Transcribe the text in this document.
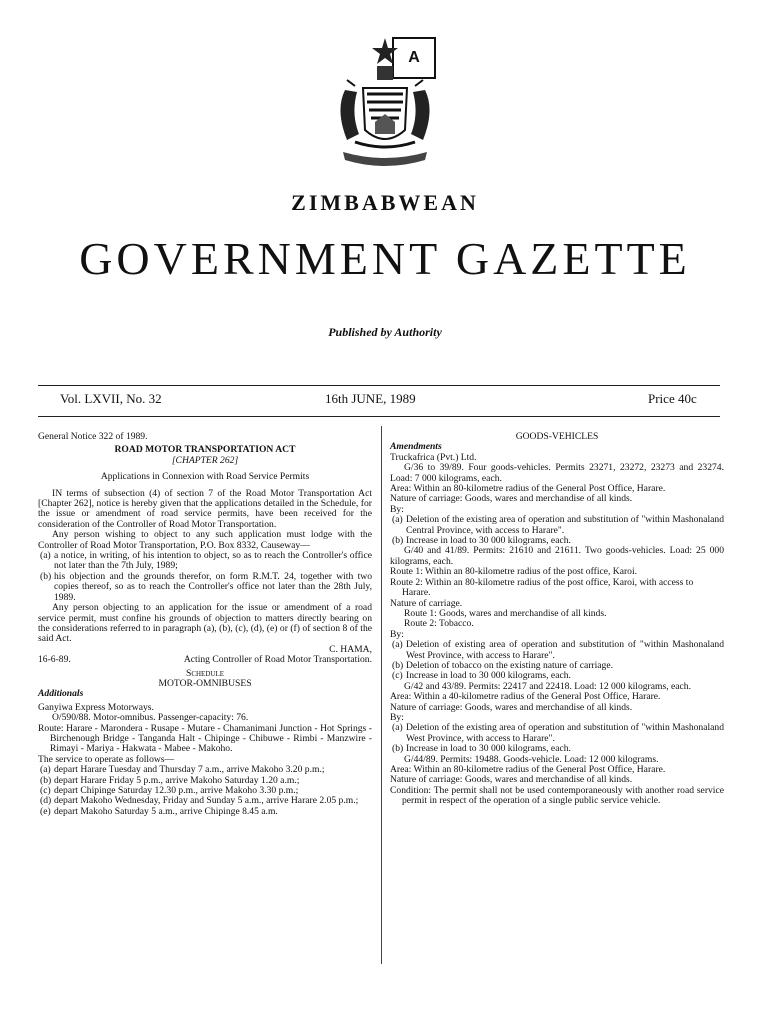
A
ZIMBABWEAN
GOVERNMENT GAZETTE
Published by Authority
Vol. LXVII, No. 32	16th JUNE, 1989	Price 40c

General Notice 322 of 1989.

ROAD MOTOR TRANSPORTATION ACT

[CHAPTER 262]

Applications in Connexion with Road Service Permits

IN terms of subsection (4) of section 7 of the Road Motor Transportation Act [Chapter 262], notice is hereby given that the applications detailed in the Schedule, for the issue or amendment of road service permits, have been received for the consideration of the Controller of Road Motor Transportation.

Any person wishing to object to any such application must lodge with the Controller of Road Motor Transportation, P.O. Box 8332, Causeway—

(a) a notice, in writing, of his intention to object, so as to reach the Controller's office not later than the 7th July, 1989;
(b) his objection and the grounds therefor, on form R.M.T. 24, together with two copies thereof, so as to reach the Controller's office not later than the 28th July, 1989.

Any person objecting to an application for the issue or amendment of a road service permit, must confine his grounds of objection to matters directly bearing on the considerations referred to in paragraph (a), (b), (c), (d), (e) or (f) of section 8 of the said Act.

C. HAMA,

16-6-89.	Acting Controller of Road Motor Transportation.

Schedule

MOTOR-OMNIBUSES

Additionals

Ganyiwa Express Motorways.

O/590/88. Motor-omnibus. Passenger-capacity: 76.

Route: Harare - Marondera - Rusape - Mutare - Chamanimani Junction - Hot Springs - Birchenough Bridge - Tanganda Halt - Chipinge - Chibuwe - Rimbi - Manzwire - Rimayi - Mariya - Hakwata - Mabee - Makoho.

The service to operate as follows—

(a) depart Harare Tuesday and Thursday 7 a.m., arrive Makoho 3.20 p.m.;
(b) depart Harare Friday 5 p.m., arrive Makoho Saturday 1.20 a.m.;
(c) depart Chipinge Saturday 12.30 p.m., arrive Makoho 3.30 p.m.;
(d) depart Makoho Wednesday, Friday and Sunday 5 a.m., arrive Harare 2.05 p.m.;
(e) depart Makoho Saturday 5 a.m., arrive Chipinge 8.45 a.m.

GOODS-VEHICLES

Amendments

Truckafrica (Pvt.) Ltd.

G/36 to 39/89. Four goods-vehicles. Permits 23271, 23272, 23273 and 23274. Load: 7 000 kilograms, each.

Area: Within an 80-kilometre radius of the General Post Office, Harare.

Nature of carriage: Goods, wares and merchandise of all kinds.

By:

(a) Deletion of the existing area of operation and substitution of "within Mashonaland Central Province, with access to Harare".
(b) Increase in load to 30 000 kilograms, each.

G/40 and 41/89. Permits: 21610 and 21611. Two goods-vehicles. Load: 25 000 kilograms, each.

Route 1: Within an 80-kilometre radius of the post office, Karoi.

Route 2: Within an 80-kilometre radius of the post office, Karoi, with access to Harare.

Nature of carriage.

Route 1: Goods, wares and merchandise of all kinds.

Route 2: Tobacco.

By:

(a) Deletion of existing area of operation and substitution of "within Mashonaland West Province, with access to Harare".
(b) Deletion of tobacco on the existing nature of carriage.
(c) Increase in load to 30 000 kilograms, each.

G/42 and 43/89. Permits: 22417 and 22418. Load: 12 000 kilograms, each.

Area: Within a 40-kilometre radius of the General Post Office, Harare.

Nature of carriage: Goods, wares and merchandise of all kinds.

By:

(a) Deletion of the existing area of operation and substitution of "within Mashonaland West Province, with access to Harare".
(b) Increase in load to 30 000 kilograms, each.

G/44/89. Permits: 19488. Goods-vehicle. Load: 12 000 kilograms.

Area: Within an 80-kilometre radius of the General Post Office, Harare.

Nature of carriage: Goods, wares and merchandise of all kinds.

Condition: The permit shall not be used contemporaneously with another road service permit in respect of the operation of a single public service vehicle.
